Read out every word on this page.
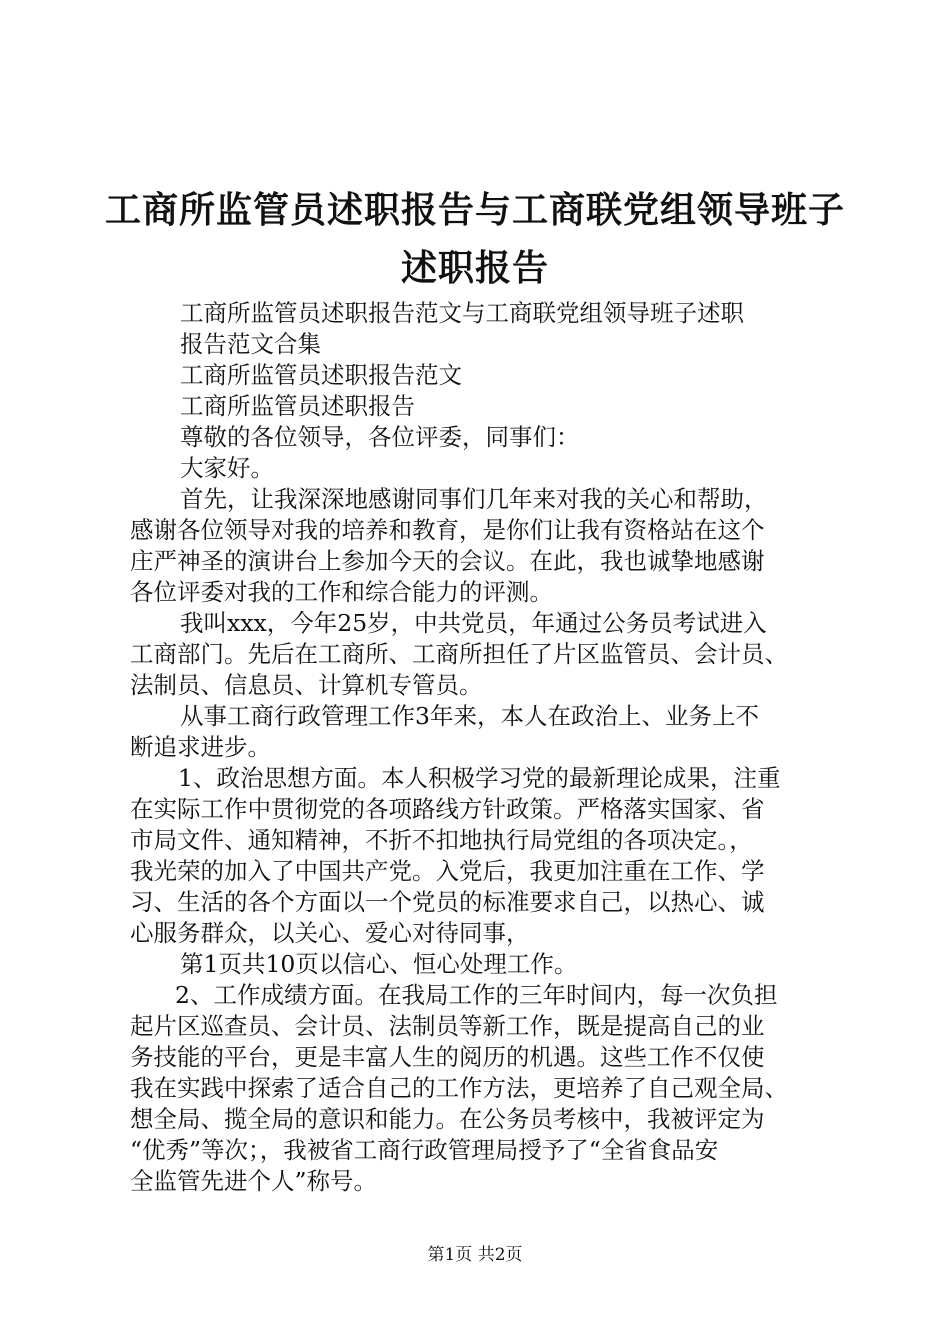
工商所监管员述职报告与工商联党组领导班子
述职报告
工商所监管员述职报告范文与工商联党组领导班子述职
报告范文合集
工商所监管员述职报告范文
工商所监管员述职报告
尊敬的各位领导，各位评委，同事们：
大家好。
首先，让我深深地感谢同事们几年来对我的关心和帮助，
感谢各位领导对我的培养和教育，是你们让我有资格站在这个
庄严神圣的演讲台上参加今天的会议。在此，我也诚挚地感谢
各位评委对我的工作和综合能力的评测。
我叫xxx，今年25岁，中共党员，年通过公务员考试进入
工商部门。先后在工商所、工商所担任了片区监管员、会计员、
法制员、信息员、计算机专管员。
从事工商行政管理工作3年来，本人在政治上、业务上不
断追求进步。
1、政治思想方面。本人积极学习党的最新理论成果，注重
在实际工作中贯彻党的各项路线方针政策。严格落实国家、省
市局文件、通知精神，不折不扣地执行局党组的各项决定。，
我光荣的加入了中国共产党。入党后，我更加注重在工作、学
习、生活的各个方面以一个党员的标准要求自己，以热心、诚
心服务群众，以关心、爱心对待同事，
第1页共10页以信心、恒心处理工作。
2、工作成绩方面。在我局工作的三年时间内，每一次负担
起片区巡查员、会计员、法制员等新工作，既是提高自己的业
务技能的平台，更是丰富人生的阅历的机遇。这些工作不仅使
我在实践中探索了适合自己的工作方法，更培养了自己观全局、
想全局、揽全局的意识和能力。在公务员考核中，我被评定为
“优秀”等次；，我被省工商行政管理局授予了“全省食品安
全监管先进个人”称号。
第1页 共2页
